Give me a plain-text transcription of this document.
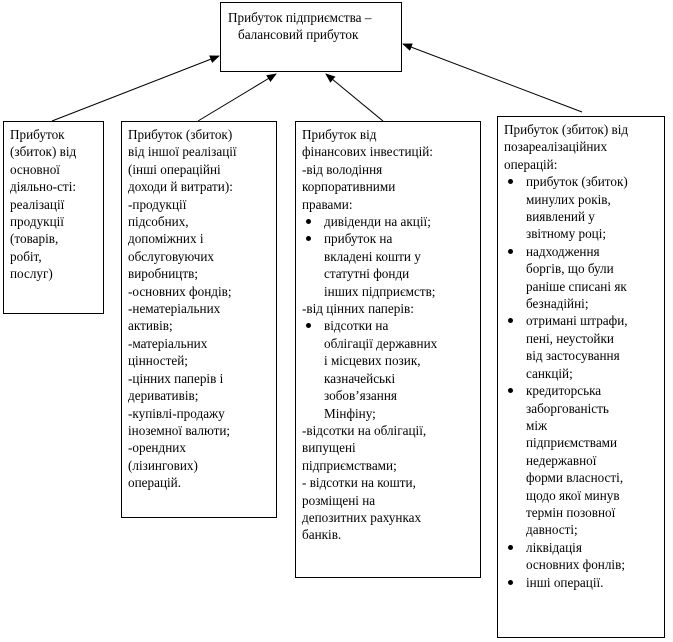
Прибуток підприємства –
балансовий прибуток
Прибуток
(збиток) від
основної
діяльно-сті:
реалізації
продукції
(товарів,
робіт,
послуг)
Прибуток (збиток)
від іншої реалізації
(інші операційні
доходи й витрати):
-продукції
підсобних,
допоміжних і
обслуговуючих
виробництв;
-основних фондів;
-нематеріальних
активів;
-матеріальних
цінностей;
-цінних паперів і
деривативів;
-купівлі-продажу
іноземної валюти;
-орендних
(лізингових)
операцій.
Прибуток від
фінансових інвестицій:
-від володіння
корпоративними
правами:
дивіденди на акції;
прибуток на
вкладені кошти у
статутні фонди
інших підприємств;
-від цінних паперів:
відсотки на
облігації державних
і місцевих позик,
казначейські
зобов’язання
Мінфіну;
-відсотки на облігації,
випущені
підприємствами;
- відсотки на кошти,
розміщені на
депозитних рахунках
банків.
Прибуток (збиток) від
позареалізаційних
операцій:
прибуток (збиток)
минулих років,
виявлений у
звітному році;
надходження
боргів, що були
раніше списані як
безнадійні;
отримані штрафи,
пені, неустойки
від застосування
санкцій;
кредиторська
заборгованість
між
підприємствами
недержавної
форми власності,
щодо якої минув
термін позовної
давності;
ліквідація
основних фонлів;
інші операції.
